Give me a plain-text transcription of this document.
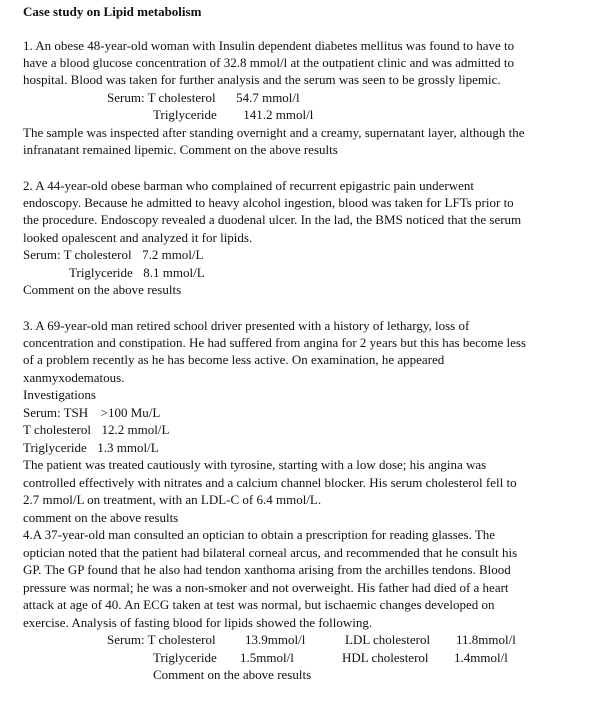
Case study on Lipid metabolism
1. An obese 48-year-old woman with Insulin dependent diabetes mellitus was found to have to
have a blood glucose concentration of 32.8 mmol/l at the outpatient clinic and was admitted to
hospital. Blood was taken for further analysis and the serum was seen to be grossly lipemic.
Serum: T cholesterol 54.7 mmol/l
Triglyceride 141.2 mmol/l
The sample was inspected after standing overnight and a creamy, supernatant layer, although the
infranatant remained lipemic. Comment on the above results
2. A 44-year-old obese barman who complained of recurrent epigastric pain underwent
endoscopy. Because he admitted to heavy alcohol ingestion, blood was taken for LFTs prior to
the procedure. Endoscopy revealed a duodenal ulcer. In the lad, the BMS noticed that the serum
looked opalescent and analyzed it for lipids.
Serum: T cholesterol 7.2 mmol/L
Triglyceride 8.1 mmol/L
Comment on the above results
3. A 69-year-old man retired school driver presented with a history of lethargy, loss of
concentration and constipation. He had suffered from angina for 2 years but this has become less
of a problem recently as he has become less active. On examination, he appeared
xanmyxodematous.
Investigations
Serum: TSH >100 Mu/L
T cholesterol 12.2 mmol/L
Triglyceride 1.3 mmol/L
The patient was treated cautiously with tyrosine, starting with a low dose; his angina was
controlled effectively with nitrates and a calcium channel blocker. His serum cholesterol fell to
2.7 mmol/L on treatment, with an LDL-C of 6.4 mmol/L.
comment on the above results
4.A 37-year-old man consulted an optician to obtain a prescription for reading glasses. The
optician noted that the patient had bilateral corneal arcus, and recommended that he consult his
GP. The GP found that he also had tendon xanthoma arising from the archilles tendons. Blood
pressure was normal; he was a non-smoker and not overweight. His father had died of a heart
attack at age of 40. An ECG taken at test was normal, but ischaemic changes developed on
exercise. Analysis of fasting blood for lipids showed the following.
Serum: T cholesterol 13.9mmol/l	LDL cholesterol 11.8mmol/l
Triglyceride 1.5mmol/l	HDL cholesterol 1.4mmol/l
Comment on the above results
